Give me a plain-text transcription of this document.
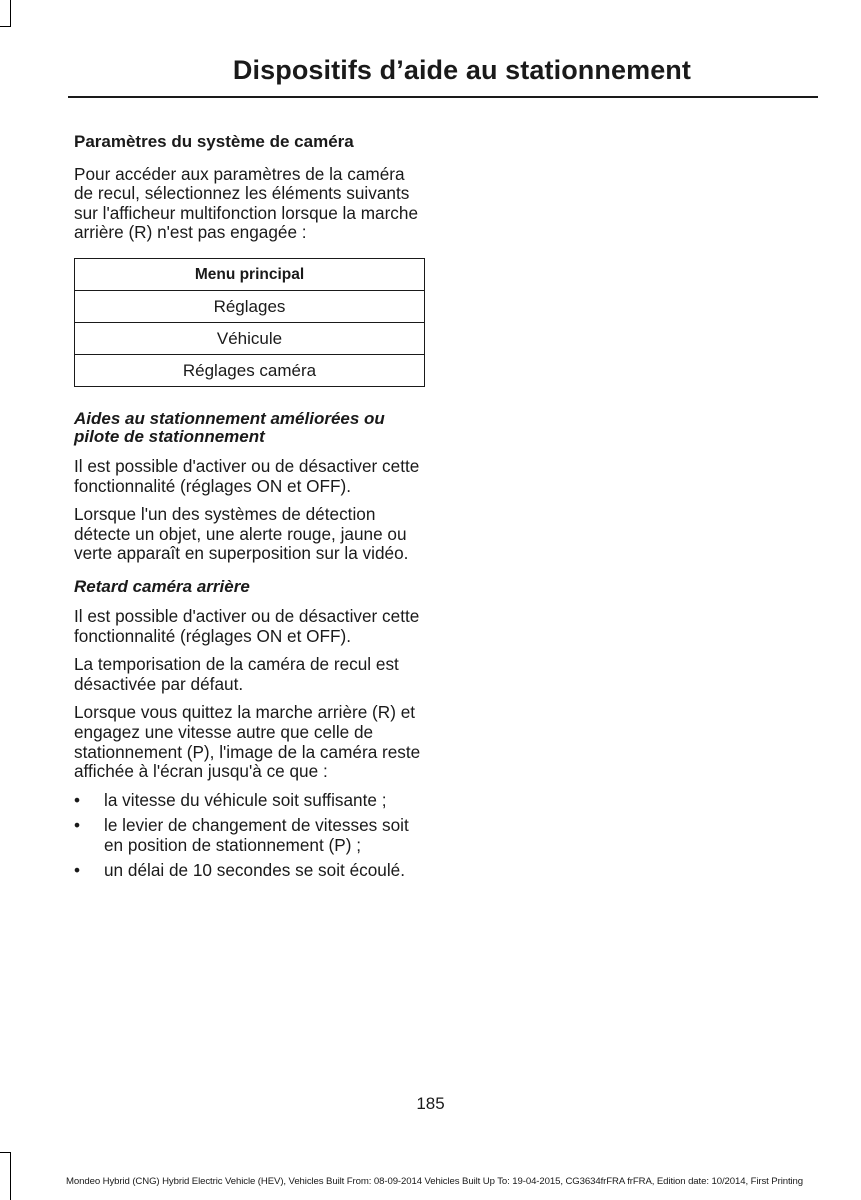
Dispositifs d’aide au stationnement
Paramètres du système de caméra

Pour accéder aux paramètres de la caméra de recul, sélectionnez les éléments suivants sur l'afficheur multifonction lorsque la marche arrière (R) n'est pas engagée :

Menu principal
Réglages
Véhicule
Réglages caméra
Aides au stationnement améliorées ou pilote de stationnement

Il est possible d'activer ou de désactiver cette fonctionnalité (réglages ON et OFF).

Lorsque l'un des systèmes de détection détecte un objet, une alerte rouge, jaune ou verte apparaît en superposition sur la vidéo.

Retard caméra arrière

Il est possible d'activer ou de désactiver cette fonctionnalité (réglages ON et OFF).

La temporisation de la caméra de recul est désactivée par défaut.

Lorsque vous quittez la marche arrière (R) et engagez une vitesse autre que celle de stationnement (P), l'image de la caméra reste affichée à l'écran jusqu'à ce que :

• la vitesse du véhicule soit suffisante ;
• le levier de changement de vitesses soit en position de stationnement (P) ;
• un délai de 10 secondes se soit écoulé.
185
Mondeo Hybrid (CNG) Hybrid Electric Vehicle (HEV), Vehicles Built From: 08-09-2014 Vehicles Built Up To: 19-04-2015, CG3634frFRA frFRA, Edition date: 10/2014, First Printing
